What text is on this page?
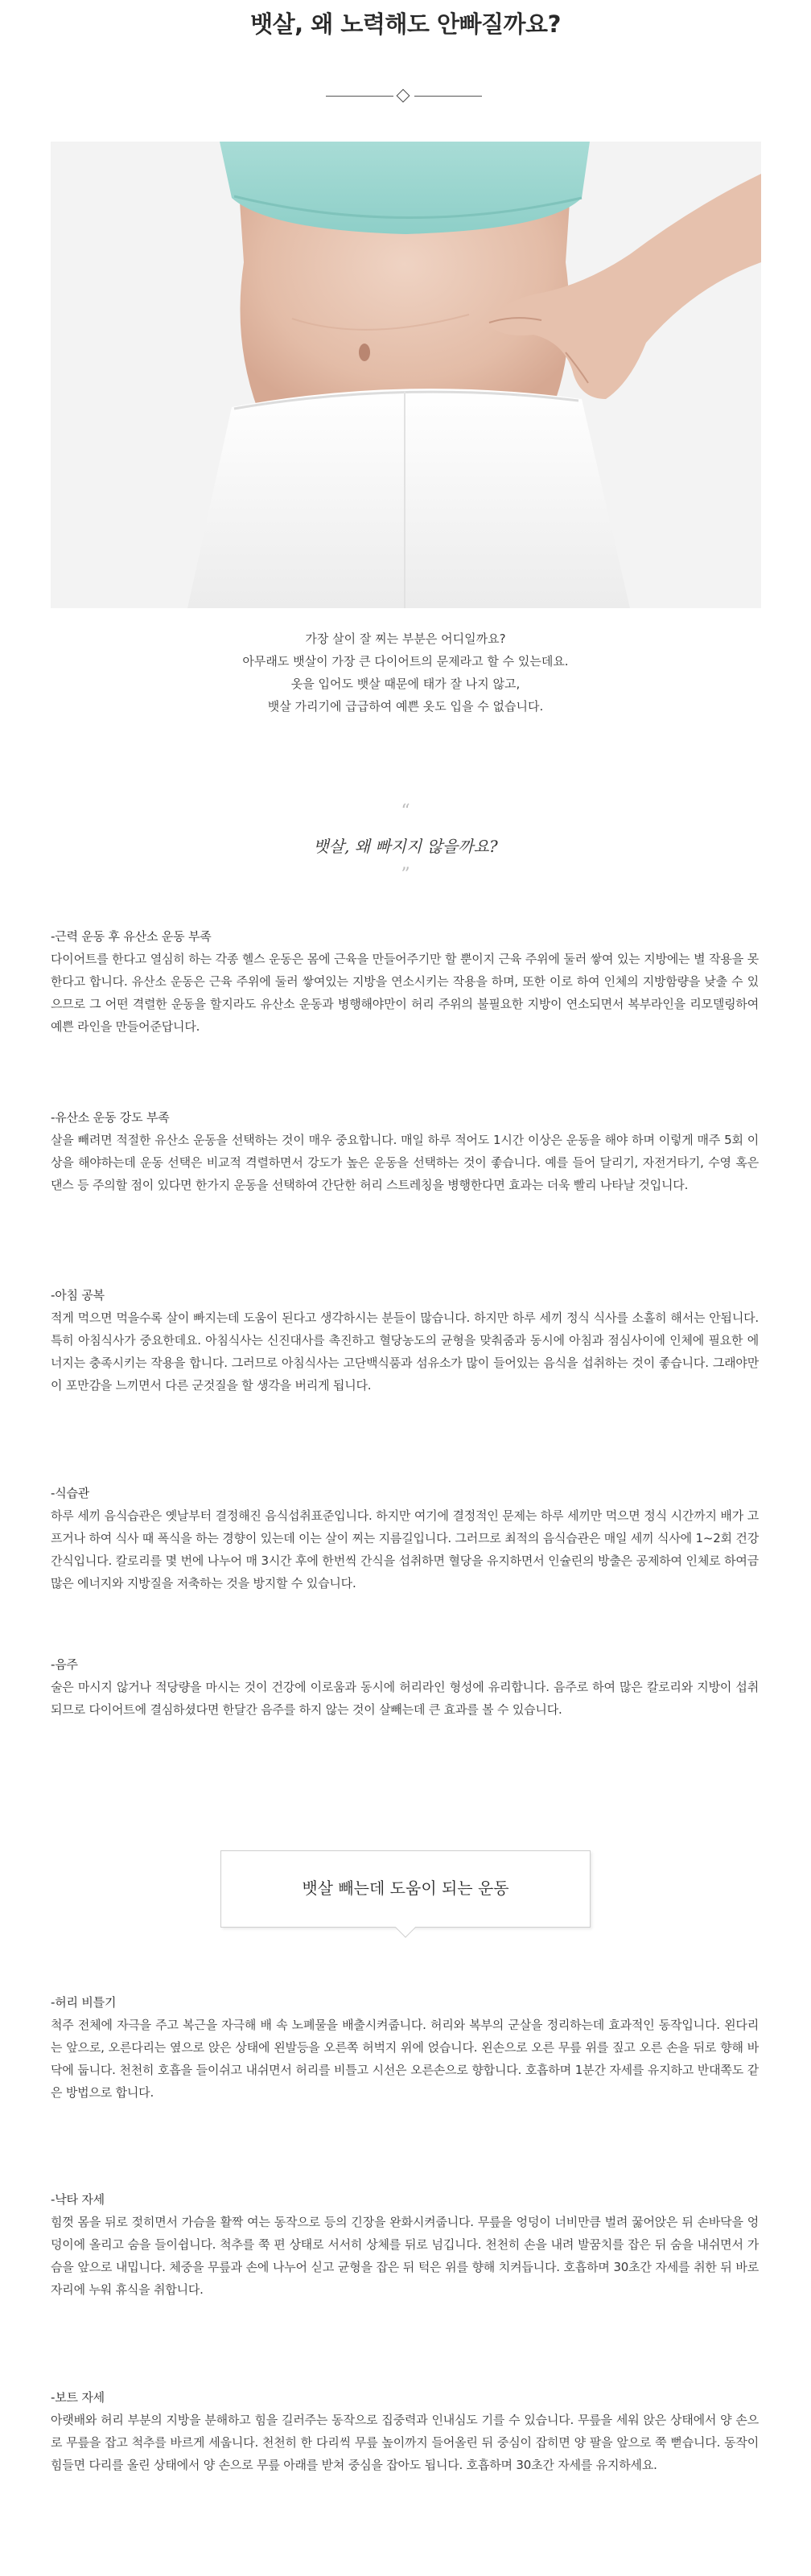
뱃살, 왜 노력해도 안빠질까요?

가장 살이 잘 찌는 부분은 어디일까요?

아무래도 뱃살이 가장 큰 다이어트의 문제라고 할 수 있는데요.

옷을 입어도 뱃살 때문에 태가 잘 나지 않고,

뱃살 가리기에 급급하여 예쁜 옷도 입을 수 없습니다.

“
뱃살, 왜 빠지지 않을까요?
”

-근력 운동 후 유산소 운동 부족

다이어트를 한다고 열심히 하는 각종 헬스 운동은 몸에 근육을 만들어주기만 할 뿐이지 근육 주위에 둘러 쌓여 있는 지방에는 별 작용을 못한다고 합니다. 유산소 운동은 근육 주위에 둘러 쌓여있는 지방을 연소시키는 작용을 하며, 또한 이로 하여 인체의 지방함량을 낮출 수 있으므로 그 어떤 격렬한 운동을 할지라도 유산소 운동과 병행해야만이 허리 주위의 불필요한 지방이 연소되면서 복부라인을 리모델링하여 예쁜 라인을 만들어준답니다.

-유산소 운동 강도 부족

살을 빼려면 적절한 유산소 운동을 선택하는 것이 매우 중요합니다. 매일 하루 적어도 1시간 이상은 운동을 해야 하며 이렇게 매주 5회 이상을 해야하는데 운동 선택은 비교적 격렬하면서 강도가 높은 운동을 선택하는 것이 좋습니다. 예를 들어 달리기, 자전거타기, 수영 혹은 댄스 등 주의할 점이 있다면 한가지 운동을 선택하여 간단한 허리 스트레칭을 병행한다면 효과는 더욱 빨리 나타날 것입니다.

-아침 공복

적게 먹으면 먹을수록 살이 빠지는데 도움이 된다고 생각하시는 분들이 많습니다. 하지만 하루 세끼 정식 식사를 소홀히 해서는 안됩니다. 특히 아침식사가 중요한데요. 아침식사는 신진대사를 촉진하고 혈당농도의 균형을 맞춰줌과 동시에 아침과 점심사이에 인체에 필요한 에너지는 충족시키는 작용을 합니다. 그러므로 아침식사는 고단백식품과 섬유소가 많이 들어있는 음식을 섭취하는 것이 좋습니다. 그래야만이 포만감을 느끼면서 다른 군것질을 할 생각을 버리게 됩니다.

-식습관

하루 세끼 음식습관은 옛날부터 결정해진 음식섭취표준입니다. 하지만 여기에 결정적인 문제는 하루 세끼만 먹으면 정식 시간까지 배가 고프거나 하여 식사 때 폭식을 하는 경향이 있는데 이는 살이 찌는 지름길입니다. 그러므로 최적의 음식습관은 매일 세끼 식사에 1~2회 건강간식입니다. 칼로리를 몇 번에 나누어 매 3시간 후에 한번씩 간식을 섭취하면 혈당을 유지하면서 인슐린의 방출은 공제하여 인체로 하여금 많은 에너지와 지방질을 저축하는 것을 방지할 수 있습니다.

-음주

술은 마시지 않거나 적당량을 마시는 것이 건강에 이로움과 동시에 허리라인 형성에 유리합니다. 음주로 하여 많은 칼로리와 지방이 섭취되므로 다이어트에 결심하셨다면 한달간 음주를 하지 않는 것이 살빼는데 큰 효과를 볼 수 있습니다.

뱃살 빼는데 도움이 되는 운동

-허리 비틀기

척주 전체에 자극을 주고 복근을 자극해 배 속 노폐물을 배출시켜줍니다. 허리와 복부의 군살을 정리하는데 효과적인 동작입니다. 왼다리는 앞으로, 오른다리는 옆으로 앉은 상태에 왼발등을 오른쪽 허벅지 위에 얹습니다. 왼손으로 오른 무릎 위를 짚고 오른 손을 뒤로 향해 바닥에 둡니다. 천천히 호흡을 들이쉬고 내쉬면서 허리를 비틀고 시선은 오른손으로 향합니다. 호흡하며 1분간 자세를 유지하고 반대쪽도 같은 방법으로 합니다.

-낙타 자세

힘껏 몸을 뒤로 젖히면서 가슴을 활짝 여는 동작으로 등의 긴장을 완화시켜줍니다. 무릎을 엉덩이 너비만큼 벌려 꿇어앉은 뒤 손바닥을 엉덩이에 올리고 숨을 들이쉽니다. 척추를 쭉 편 상태로 서서히 상체를 뒤로 넘깁니다. 천천히 손을 내려 발꿈치를 잡은 뒤 숨을 내쉬면서 가슴을 앞으로 내밉니다. 체중을 무릎과 손에 나누어 싣고 균형을 잡은 뒤 턱은 위를 향해 치켜듭니다. 호흡하며 30초간 자세를 취한 뒤 바로 자리에 누워 휴식을 취합니다.

-보트 자세

아랫배와 허리 부분의 지방을 분해하고 힘을 길러주는 동작으로 집중력과 인내심도 기를 수 있습니다. 무릎을 세워 앉은 상태에서 양 손으로 무릎을 잡고 척추를 바르게 세웁니다. 천천히 한 다리씩 무릎 높이까지 들어올린 뒤 중심이 잡히면 양 팔을 앞으로 쭉 뻗습니다. 동작이 힘들면 다리를 올린 상태에서 양 손으로 무릎 아래를 받쳐 중심을 잡아도 됩니다. 호흡하며 30초간 자세를 유지하세요.
